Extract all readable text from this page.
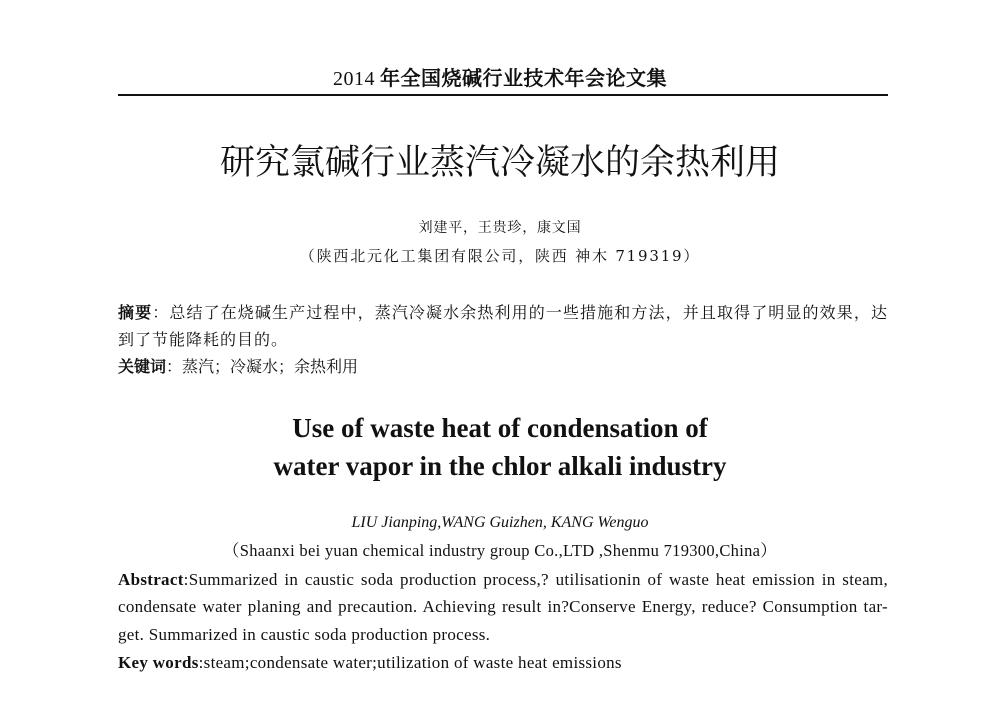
2014 年全国烧碱行业技术年会论文集
研究氯碱行业蒸汽冷凝水的余热利用
刘建平，王贵珍，康文国
（陕西北元化工集团有限公司，陕西 神木 719319）
摘要：总结了在烧碱生产过程中，蒸汽冷凝水余热利用的一些措施和方法，并且取得了明显的效果，达
到了节能降耗的目的。
关键词：蒸汽；冷凝水；余热利用
Use of waste heat of condensation of
water vapor in the chlor alkali industry
LIU Jianping,WANG Guizhen, KANG Wenguo
（Shaanxi bei yuan chemical industry group Co.,LTD ,Shenmu 719300,China）
Abstract:Summarized in caustic soda production process,? utilisationin of waste heat emission in steam,
condensate water planing and precaution. Achieving result in?Conserve Energy, reduce? Consumption tar-
get. Summarized in caustic soda production process.
Key words:steam;condensate water;utilization of waste heat emissions
